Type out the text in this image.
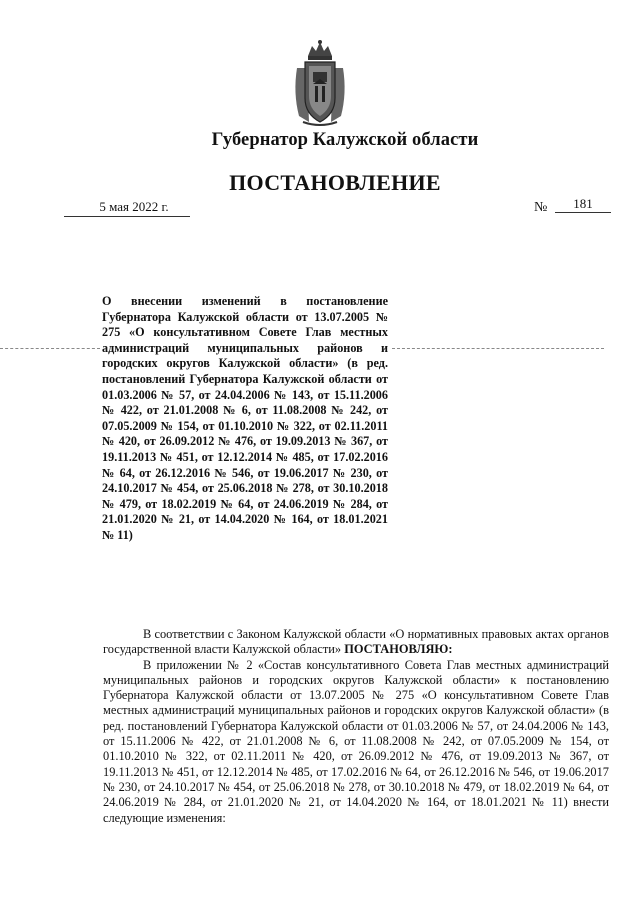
Губернатор Калужской области
ПОСТАНОВЛЕНИЕ
5 мая 2022 г.	№	181
О внесении изменений в постановление Губернатора Калужской области от 13.07.2005 № 275 «О консультативном Совете Глав местных администраций муниципальных районов и городских округов Калужской области» (в ред. постановлений Губернатора Калужской области от 01.03.2006 № 57, от 24.04.2006 № 143, от 15.11.2006 № 422, от 21.01.2008 № 6, от 11.08.2008 № 242, от 07.05.2009 № 154, от 01.10.2010 № 322, от 02.11.2011 № 420, от 26.09.2012 № 476, от 19.09.2013 № 367, от 19.11.2013 № 451, от 12.12.2014 № 485, от 17.02.2016 № 64, от 26.12.2016 № 546, от 19.06.2017 № 230, от 24.10.2017 № 454, от 25.06.2018 № 278, от 30.10.2018 № 479, от 18.02.2019 № 64, от 24.06.2019 № 284, от 21.01.2020 № 21, от 14.04.2020 № 164, от 18.01.2021 № 11)

В соответствии с Законом Калужской области «О нормативных правовых актах органов государственной власти Калужской области» ПОСТАНОВЛЯЮ:

В приложении № 2 «Состав консультативного Совета Глав местных администраций муниципальных районов и городских округов Калужской области» к постановлению Губернатора Калужской области от 13.07.2005 № 275 «О консультативном Совете Глав местных администраций муниципальных районов и городских округов Калужской области» (в ред. постановлений Губернатора Калужской области от 01.03.2006 № 57, от 24.04.2006 № 143, от 15.11.2006 № 422, от 21.01.2008 № 6, от 11.08.2008 № 242, от 07.05.2009 № 154, от 01.10.2010 № 322, от 02.11.2011 № 420, от 26.09.2012 № 476, от 19.09.2013 № 367, от 19.11.2013 № 451, от 12.12.2014 № 485, от 17.02.2016 № 64, от 26.12.2016 № 546, от 19.06.2017 № 230, от 24.10.2017 № 454, от 25.06.2018 № 278, от 30.10.2018 № 479, от 18.02.2019 № 64, от 24.06.2019 № 284, от 21.01.2020 № 21, от 14.04.2020 № 164, от 18.01.2021 № 11) внести следующие изменения:
